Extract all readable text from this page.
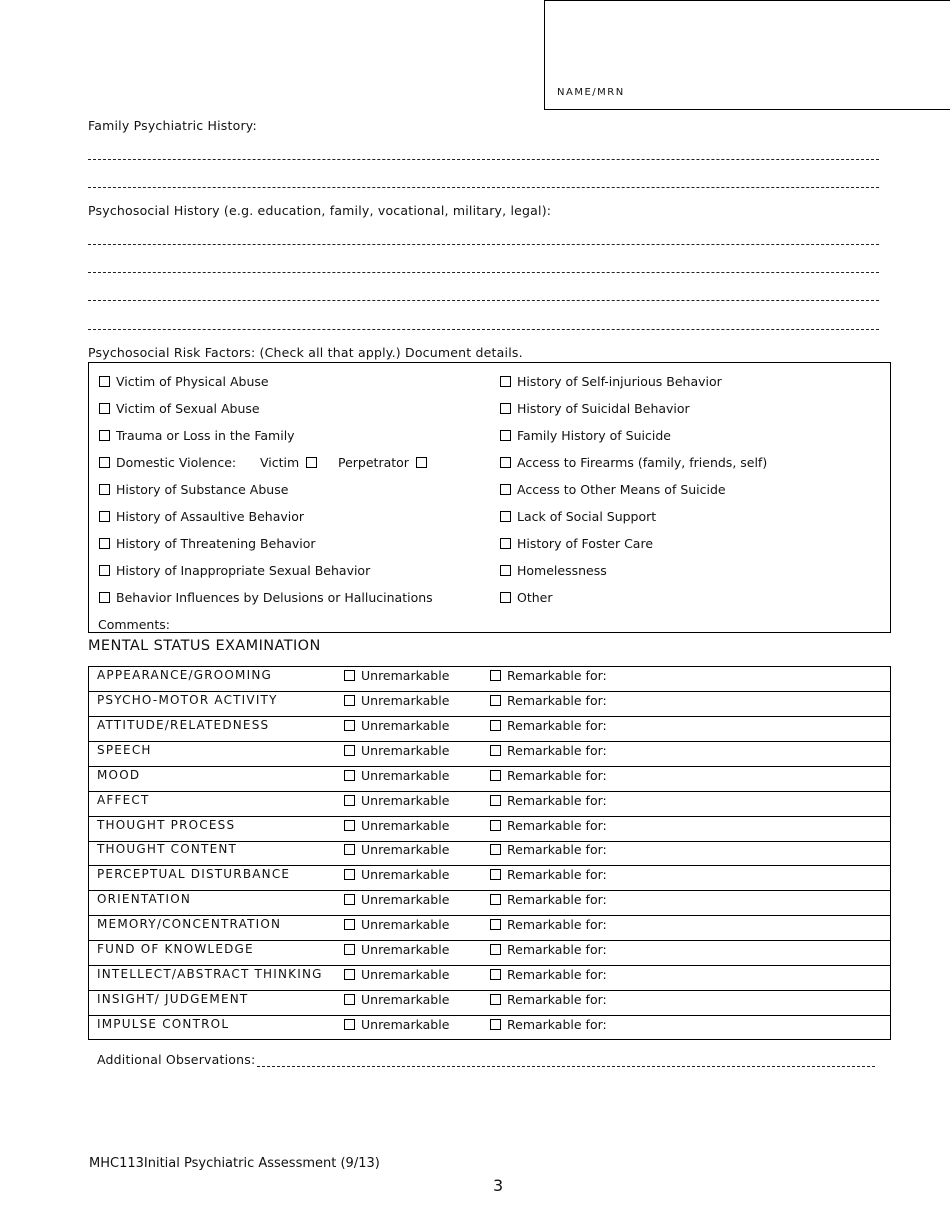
NAME/MRN
Family Psychiatric History:
Psychosocial History (e.g. education, family, vocational, military, legal):
Psychosocial Risk Factors: (Check all that apply.) Document details.
Victim of Physical Abuse
Victim of Sexual Abuse
Trauma or Loss in the Family
Domestic Violence: Victim	Perpetrator
History of Substance Abuse
History of Assaultive Behavior
History of Threatening Behavior
History of Inappropriate Sexual Behavior
Behavior Influences by Delusions or Hallucinations
Comments:
History of Self-injurious Behavior
History of Suicidal Behavior
Family History of Suicide
Access to Firearms (family, friends, self)
Access to Other Means of Suicide
Lack of Social Support
History of Foster Care
Homelessness
Other
MENTAL STATUS EXAMINATION
APPEARANCE/GROOMING	Unremarkable	Remarkable for:
PSYCHO-MOTOR ACTIVITY	Unremarkable	Remarkable for:
ATTITUDE/RELATEDNESS	Unremarkable	Remarkable for:
SPEECH	Unremarkable	Remarkable for:
MOOD	Unremarkable	Remarkable for:
AFFECT	Unremarkable	Remarkable for:
THOUGHT PROCESS	Unremarkable	Remarkable for:
THOUGHT CONTENT	Unremarkable	Remarkable for:
PERCEPTUAL DISTURBANCE	Unremarkable	Remarkable for:
ORIENTATION	Unremarkable	Remarkable for:
MEMORY/CONCENTRATION	Unremarkable	Remarkable for:
FUND OF KNOWLEDGE	Unremarkable	Remarkable for:
INTELLECT/ABSTRACT THINKING	Unremarkable	Remarkable for:
INSIGHT/ JUDGEMENT	Unremarkable	Remarkable for:
IMPULSE CONTROL	Unremarkable	Remarkable for:
Additional Observations:
MHC113Initial Psychiatric Assessment (9/13)
3
